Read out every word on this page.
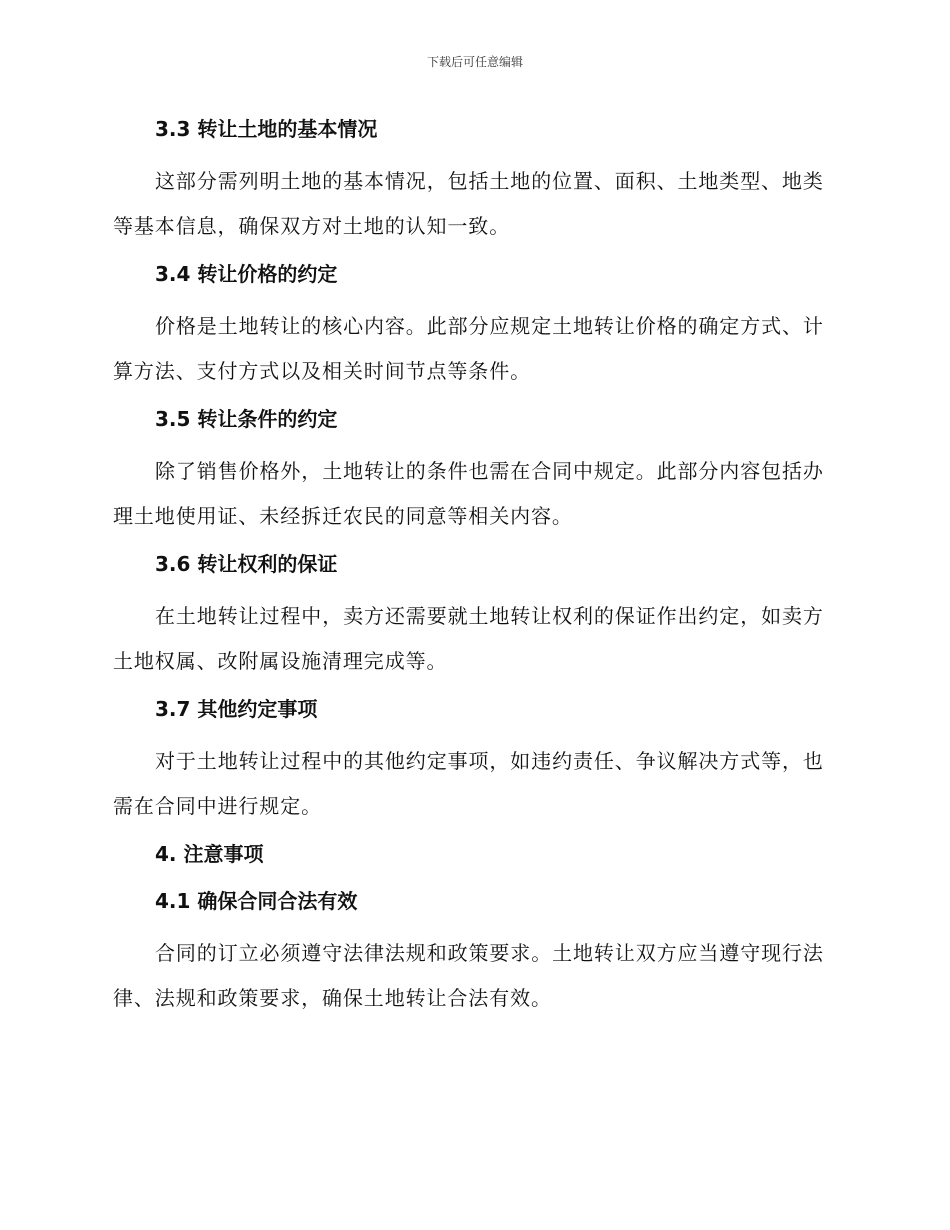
下载后可任意编辑
3.3 转让土地的基本情况

这部分需列明土地的基本情况，包括土地的位置、面积、土地类型、地类等基本信息，确保双方对土地的认知一致。

3.4 转让价格的约定

价格是土地转让的核心内容。此部分应规定土地转让价格的确定方式、计算方法、支付方式以及相关时间节点等条件。

3.5 转让条件的约定

除了销售价格外，土地转让的条件也需在合同中规定。此部分内容包括办理土地使用证、未经拆迁农民的同意等相关内容。

3.6 转让权利的保证

在土地转让过程中，卖方还需要就土地转让权利的保证作出约定，如卖方土地权属、改附属设施清理完成等。

3.7 其他约定事项

对于土地转让过程中的其他约定事项，如违约责任、争议解决方式等，也需在合同中进行规定。

4. 注意事项
4.1 确保合同合法有效

合同的订立必须遵守法律法规和政策要求。土地转让双方应当遵守现行法律、法规和政策要求，确保土地转让合法有效。
